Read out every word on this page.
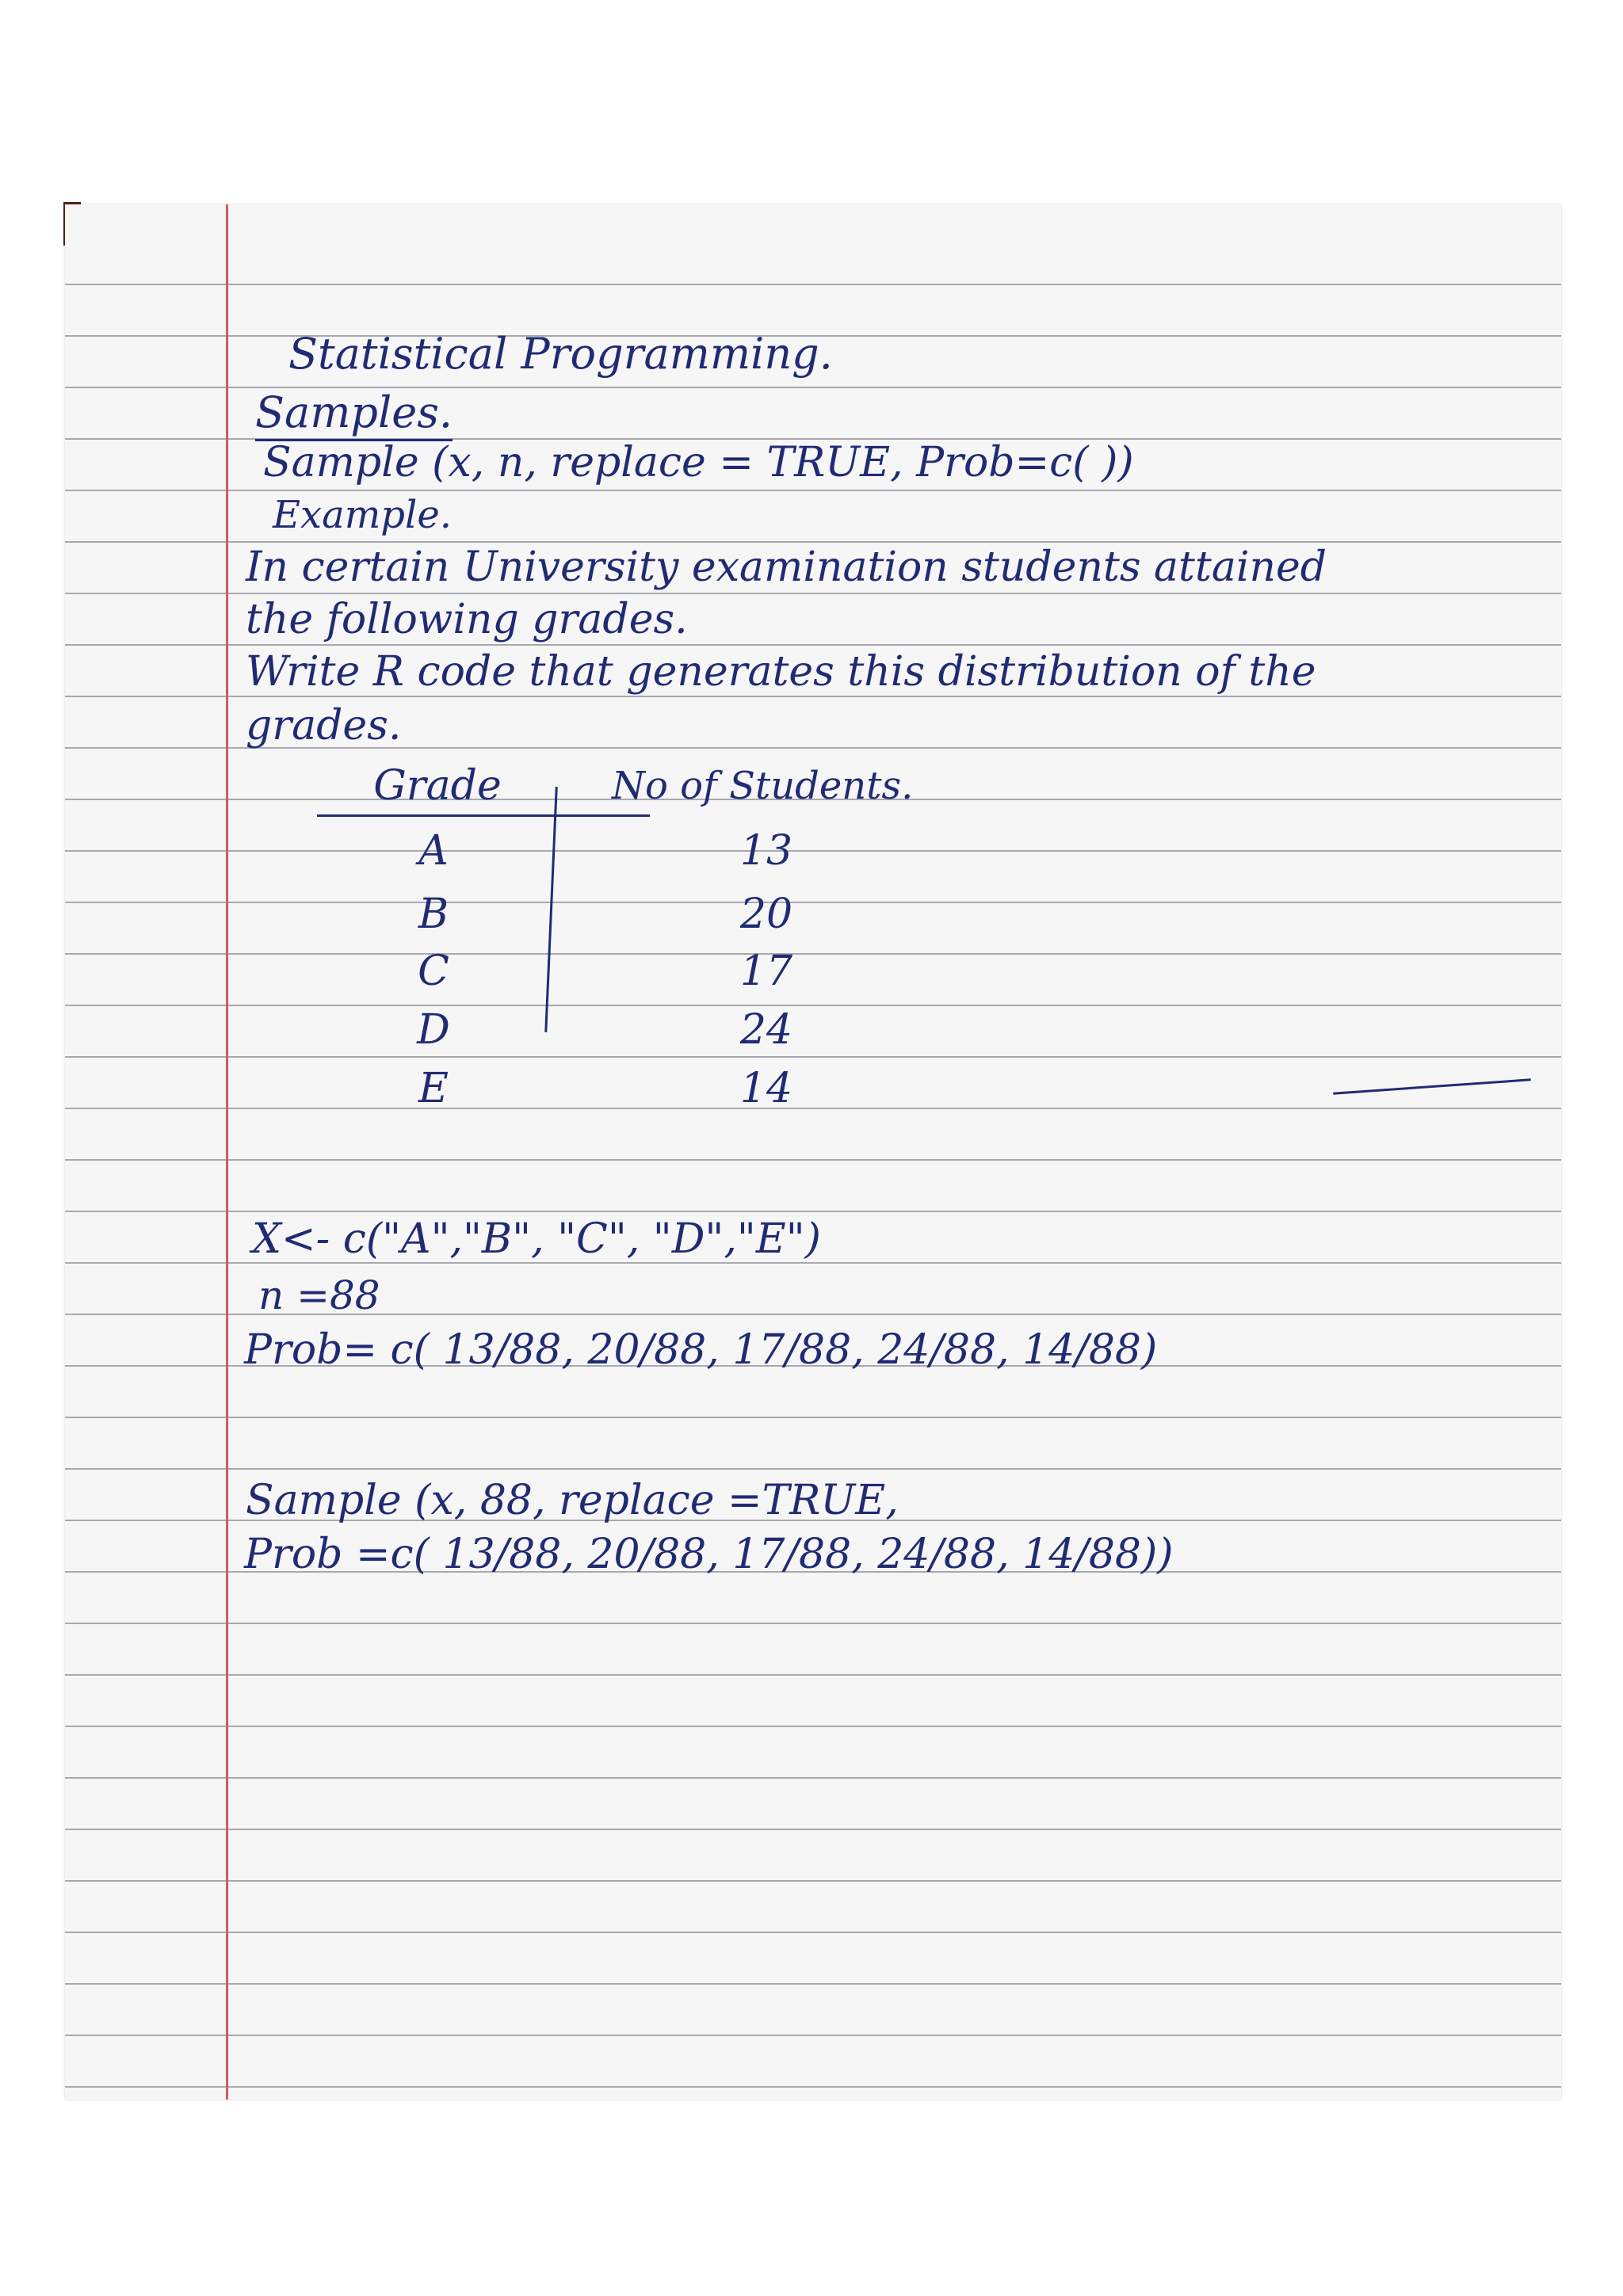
Statistical Programming.
Samples.
Sample (x, n, replace = TRUE, Prob=c( ))
Example.
In certain University examination students attained
the following grades.
Write R code that generates this distribution of the
grades.
Grade	No of Students.
A	13
B	20
C	17
D	24
E	14
X<- c("A","B", "C", "D","E")
n =88
Prob= c( 13/88, 20/88, 17/88, 24/88, 14/88)
Sample (x, 88, replace =TRUE,
Prob =c( 13/88, 20/88, 17/88, 24/88, 14/88))
